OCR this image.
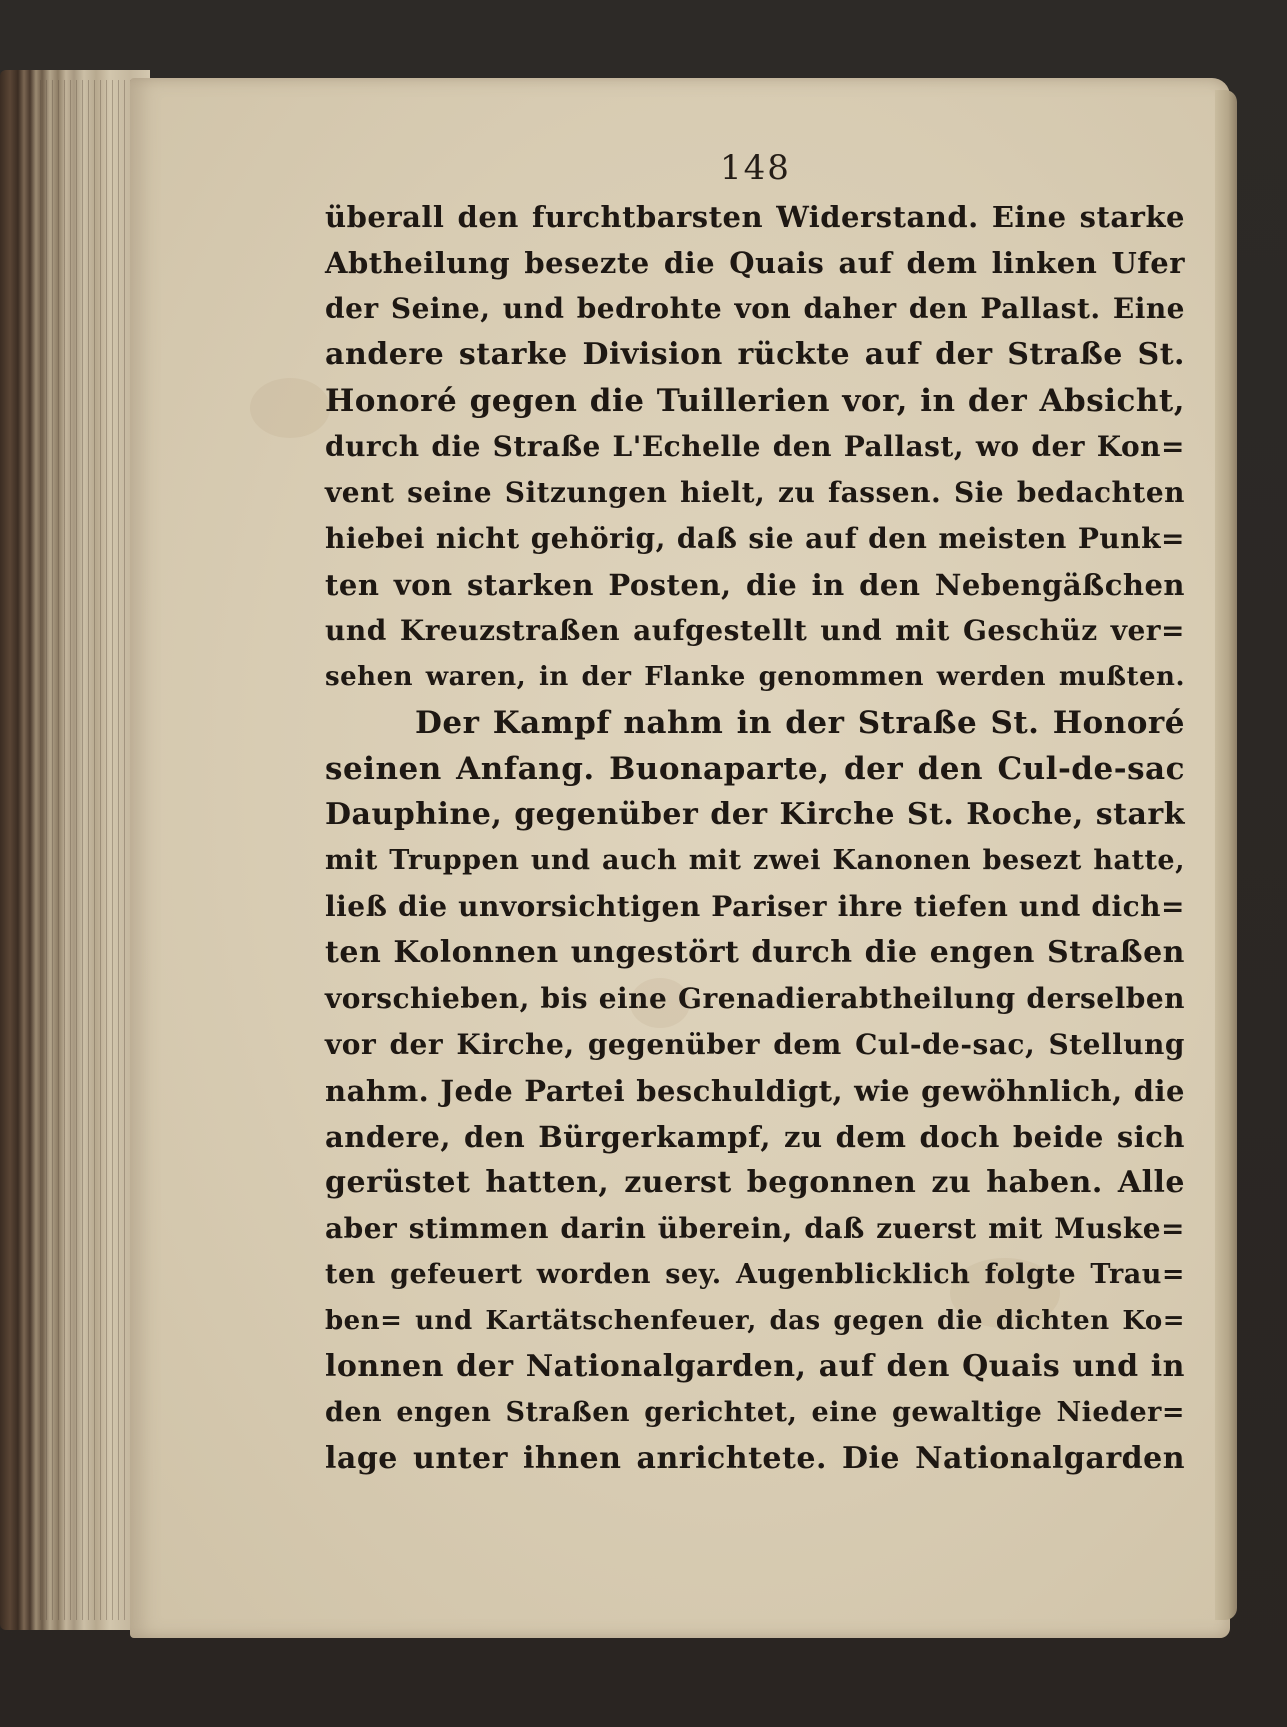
148
überall den furchtbarsten Widerstand. Eine starke
Abtheilung besezte die Quais auf dem linken Ufer
der Seine, und bedrohte von daher den Pallast. Eine
andere starke Division rückte auf der Straße St.
Honoré gegen die Tuillerien vor, in der Absicht,
durch die Straße L'Echelle den Pallast, wo der Kon=
vent seine Sitzungen hielt, zu fassen. Sie bedachten
hiebei nicht gehörig, daß sie auf den meisten Punk=
ten von starken Posten, die in den Nebengäßchen
und Kreuzstraßen aufgestellt und mit Geschüz ver=
sehen waren, in der Flanke genommen werden mußten.
Der Kampf nahm in der Straße St. Honoré
seinen Anfang. Buonaparte, der den Cul-de-sac
Dauphine, gegenüber der Kirche St. Roche, stark
mit Truppen und auch mit zwei Kanonen besezt hatte,
ließ die unvorsichtigen Pariser ihre tiefen und dich=
ten Kolonnen ungestört durch die engen Straßen
vorschieben, bis eine Grenadierabtheilung derselben
vor der Kirche, gegenüber dem Cul-de-sac, Stellung
nahm. Jede Partei beschuldigt, wie gewöhnlich, die
andere, den Bürgerkampf, zu dem doch beide sich
gerüstet hatten, zuerst begonnen zu haben. Alle
aber stimmen darin überein, daß zuerst mit Muske=
ten gefeuert worden sey. Augenblicklich folgte Trau=
ben= und Kartätschenfeuer, das gegen die dichten Ko=
lonnen der Nationalgarden, auf den Quais und in
den engen Straßen gerichtet, eine gewaltige Nieder=
lage unter ihnen anrichtete. Die Nationalgarden
